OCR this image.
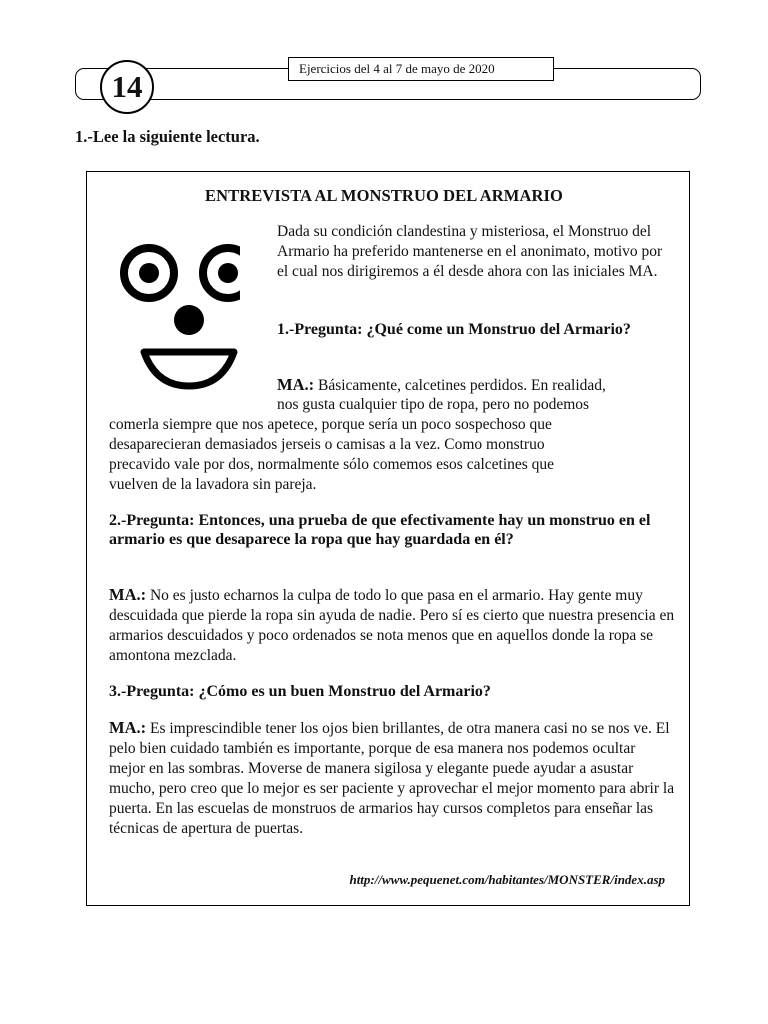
Ejercicios del 4 al 7 de mayo de 2020
14
1.-Lee la siguiente lectura.
ENTREVISTA AL MONSTRUO DEL ARMARIO

Dada su condición clandestina y misteriosa, el Monstruo del Armario ha preferido mantenerse en el anonimato, motivo por el cual nos dirigiremos a él desde ahora con las iniciales MA.

1.-Pregunta: ¿Qué come un Monstruo del Armario?

MA.: Básicamente, calcetines perdidos. En realidad,
nos gusta cualquier tipo de ropa, pero no podemos
comerla siempre que nos apetece, porque sería un poco sospechoso que
desaparecieran demasiados jerseis o camisas a la vez. Como monstruo
precavido vale por dos, normalmente sólo comemos esos calcetines que
vuelven de la lavadora sin pareja.

2.-Pregunta: Entonces, una prueba de que efectivamente hay un monstruo en el armario es que desaparece la ropa que hay guardada en él?

MA.: No es justo echarnos la culpa de todo lo que pasa en el armario. Hay gente muy descuidada que pierde la ropa sin ayuda de nadie. Pero sí es cierto que nuestra presencia en armarios descuidados y poco ordenados se nota menos que en aquellos donde la ropa se amontona mezclada.

3.-Pregunta: ¿Cómo es un buen Monstruo del Armario?

MA.: Es imprescindible tener los ojos bien brillantes, de otra manera casi no se nos ve. El pelo bien cuidado también es importante, porque de esa manera nos podemos ocultar mejor en las sombras. Moverse de manera sigilosa y elegante puede ayudar a asustar mucho, pero creo que lo mejor es ser paciente y aprovechar el mejor momento para abrir la puerta. En las escuelas de monstruos de armarios hay cursos completos para enseñar las técnicas de apertura de puertas.

http://www.pequenet.com/habitantes/MONSTER/index.asp
